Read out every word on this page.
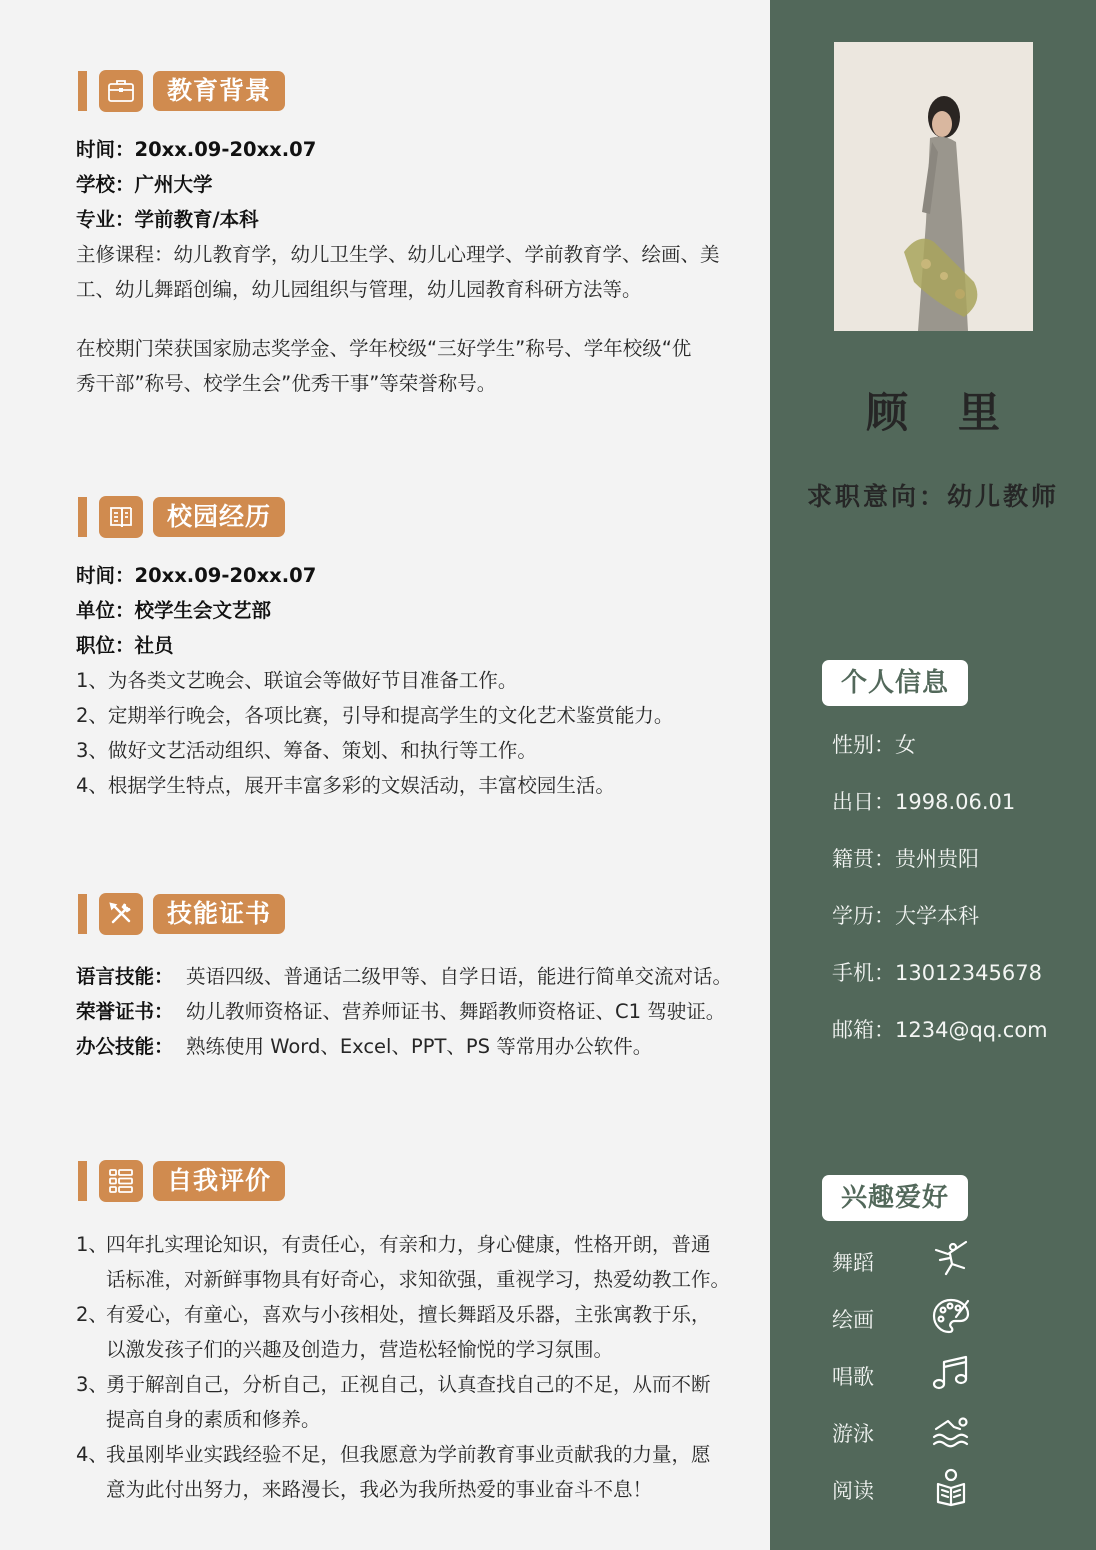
教育背景
时间：20xx.09-20xx.07
学校：广州大学
专业：学前教育/本科
主修课程：幼儿教育学，幼儿卫生学、幼儿心理学、学前教育学、绘画、美
工、幼儿舞蹈创编，幼儿园组织与管理，幼儿园教育科研方法等。
在校期门荣获国家励志奖学金、学年校级“三好学生”称号、学年校级“优
秀干部”称号、校学生会”优秀干事”等荣誉称号。
校园经历
时间：20xx.09-20xx.07
单位：校学生会文艺部
职位：社员
1、为各类文艺晚会、联谊会等做好节目准备工作。
2、定期举行晚会，各项比赛，引导和提高学生的文化艺术鉴赏能力。
3、做好文艺活动组织、筹备、策划、和执行等工作。
4、根据学生特点，展开丰富多彩的文娱活动，丰富校园生活。
技能证书
语言技能： 英语四级、普通话二级甲等、自学日语，能进行简单交流对话。
荣誉证书： 幼儿教师资格证、营养师证书、舞蹈教师资格证、C1 驾驶证。
办公技能： 熟练使用 Word、Excel、PPT、PS 等常用办公软件。
自我评价
1、
四年扎实理论知识，有责任心，有亲和力，身心健康，性格开朗，普通
话标准，对新鲜事物具有好奇心，求知欲强，重视学习，热爱幼教工作。
2、
有爱心，有童心，喜欢与小孩相处，擅长舞蹈及乐器，主张寓教于乐，
以激发孩子们的兴趣及创造力，营造松轻愉悦的学习氛围。
3、
勇于解剖自己，分析自己，正视自己，认真查找自己的不足，从而不断
提高自身的素质和修养。
4、
我虽刚毕业实践经验不足，但我愿意为学前教育事业贡献我的力量，愿
意为此付出努力，来路漫长，我必为我所热爱的事业奋斗不息！
顾里
求职意向：幼儿教师
个人信息
性别：女
出日：1998.06.01
籍贯：贵州贵阳
学历：大学本科
手机：13012345678
邮箱：1234@qq.com
兴趣爱好
舞蹈
绘画
唱歌
游泳
阅读
